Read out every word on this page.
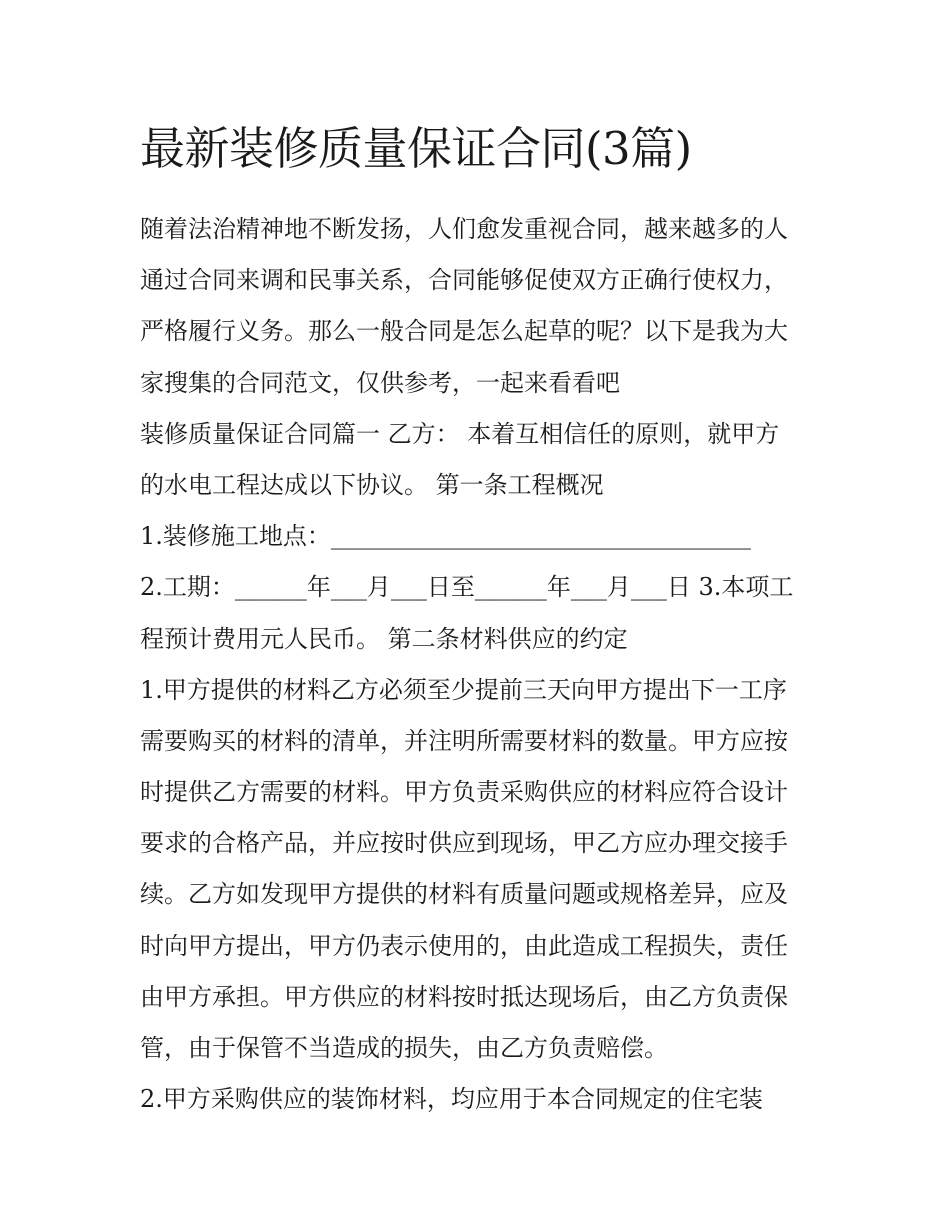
最新装修质量保证合同(3篇)
随着法治精神地不断发扬，人们愈发重视合同，越来越多的人
通过合同来调和民事关系，合同能够促使双方正确行使权力，
严格履行义务。那么一般合同是怎么起草的呢？以下是我为大
家搜集的合同范文，仅供参考，一起来看看吧
装修质量保证合同篇一 乙方： 本着互相信任的原则，就甲方
的水电工程达成以下协议。 第一条工程概况
1.装修施工地点：___________________________________
2.工期：______年___月___日至______年___月___日 3.本项工
程预计费用元人民币。 第二条材料供应的约定
1.甲方提供的材料乙方必须至少提前三天向甲方提出下一工序
需要购买的材料的清单，并注明所需要材料的数量。甲方应按
时提供乙方需要的材料。甲方负责采购供应的材料应符合设计
要求的合格产品，并应按时供应到现场，甲乙方应办理交接手
续。乙方如发现甲方提供的材料有质量问题或规格差异，应及
时向甲方提出，甲方仍表示使用的，由此造成工程损失，责任
由甲方承担。甲方供应的材料按时抵达现场后，由乙方负责保
管，由于保管不当造成的损失，由乙方负责赔偿。
2.甲方采购供应的装饰材料，均应用于本合同规定的住宅装
